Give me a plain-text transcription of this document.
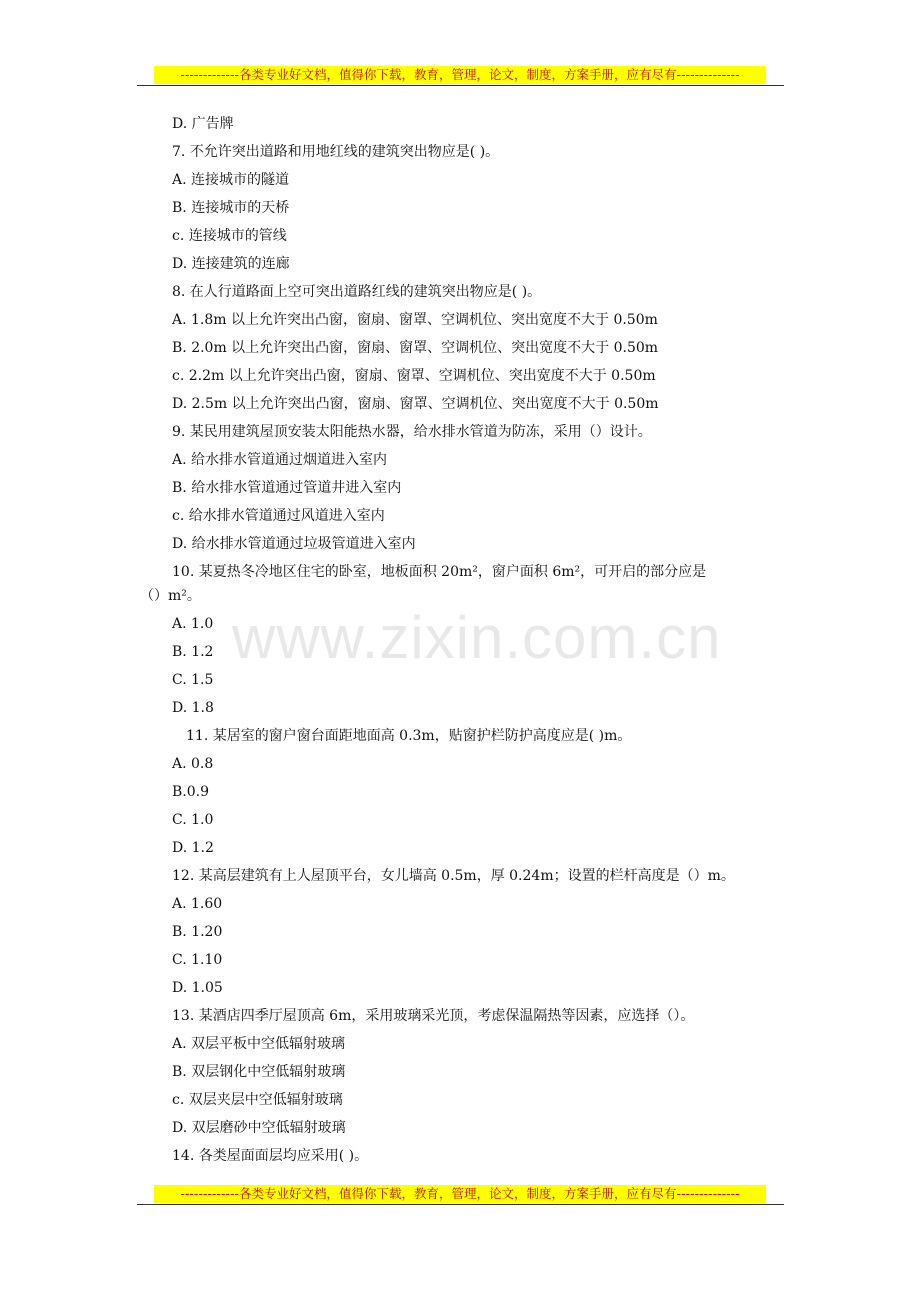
-------------各类专业好文档，值得你下载，教育，管理，论文，制度，方案手册，应有尽有--------------
www.zixin.com.cn
D. 广告牌
7. 不允许突出道路和用地红线的建筑突出物应是( )。
A. 连接城市的隧道
B. 连接城市的天桥
c. 连接城市的管线
D. 连接建筑的连廊
8. 在人行道路面上空可突出道路红线的建筑突出物应是( )。
A. 1.8m 以上允许突出凸窗，窗扇、窗罩、空调机位、突出宽度不大于 0.50m
B. 2.0m 以上允许突出凸窗，窗扇、窗罩、空调机位、突出宽度不大于 0.50m
c. 2.2m 以上允许突出凸窗，窗扇、窗罩、空调机位、突出宽度不大于 0.50m
D. 2.5m 以上允许突出凸窗，窗扇、窗罩、空调机位、突出宽度不大于 0.50m
9. 某民用建筑屋顶安装太阳能热水器，给水排水管道为防冻，采用（）设计。
A. 给水排水管道通过烟道进入室内
B. 给水排水管道通过管道井进入室内
c. 给水排水管道通过风道进入室内
D. 给水排水管道通过垃圾管道进入室内
10. 某夏热冬冷地区住宅的卧室，地板面积 20m²，窗户面积 6m²，可开启的部分应是
（）m²。
A. 1.0
B. 1.2
C. 1.5
D. 1.8
11. 某居室的窗户窗台面距地面高 0.3m，贴窗护栏防护高度应是( )m。
A. 0.8
B.0.9
C. 1.0
D. 1.2
12. 某高层建筑有上人屋顶平台，女儿墙高 0.5m，厚 0.24m；设置的栏杆高度是（）m。
A. 1.60
B. 1.20
C. 1.10
D. 1.05
13. 某酒店四季厅屋顶高 6m，采用玻璃采光顶，考虑保温隔热等因素，应选择（）。
A. 双层平板中空低辐射玻璃
B. 双层钢化中空低辐射玻璃
c. 双层夹层中空低辐射玻璃
D. 双层磨砂中空低辐射玻璃
14. 各类屋面面层均应采用( )。
-------------各类专业好文档，值得你下载，教育，管理，论文，制度，方案手册，应有尽有--------------
